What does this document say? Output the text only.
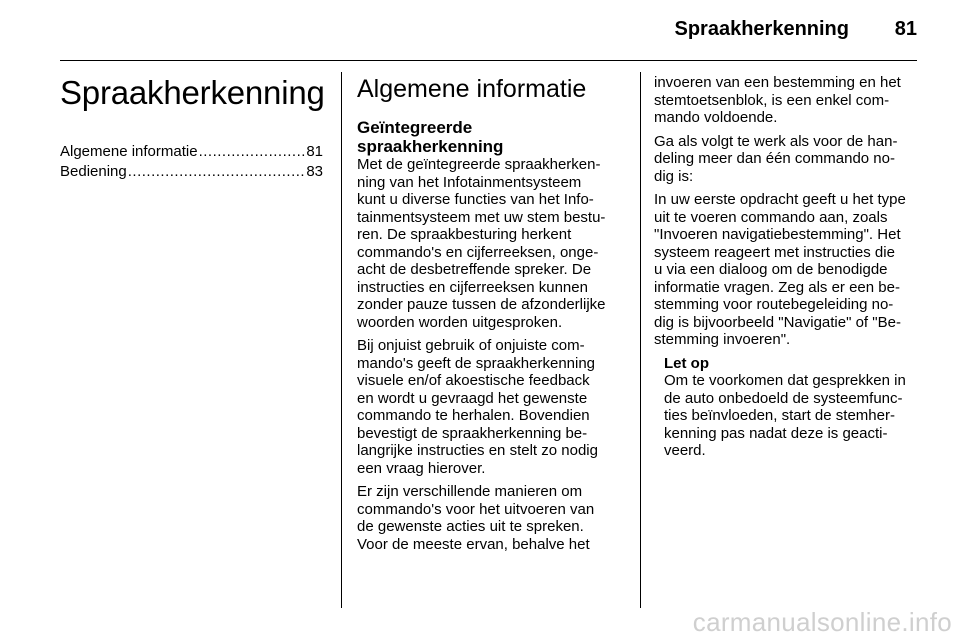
Spraakherkenning 81
Spraakherkenning
Algemene informatie .....	81
Bediening .....	83
Algemene informatie
Geïntegreerde
spraakherkenning

Met de geïntegreerde spraakherken-
ning van het Infotainmentsysteem
kunt u diverse functies van het Info-
tainmentsysteem met uw stem bestu-
ren. De spraakbesturing herkent
commando's en cijferreeksen, onge-
acht de desbetreffende spreker. De
instructies en cijferreeksen kunnen
zonder pauze tussen de afzonderlijke
woorden worden uitgesproken.

Bij onjuist gebruik of onjuiste com-
mando's geeft de spraakherkenning
visuele en/of akoestische feedback
en wordt u gevraagd het gewenste
commando te herhalen. Bovendien
bevestigt de spraakherkenning be-
langrijke instructies en stelt zo nodig
een vraag hierover.

Er zijn verschillende manieren om
commando's voor het uitvoeren van
de gewenste acties uit te spreken.
Voor de meeste ervan, behalve het

invoeren van een bestemming en het
stemtoetsenblok, is een enkel com-
mando voldoende.

Ga als volgt te werk als voor de han-
deling meer dan één commando no-
dig is:

In uw eerste opdracht geeft u het type
uit te voeren commando aan, zoals
"Invoeren navigatiebestemming". Het
systeem reageert met instructies die
u via een dialoog om de benodigde
informatie vragen. Zeg als er een be-
stemming voor routebegeleiding no-
dig is bijvoorbeeld "Navigatie" of "Be-
stemming invoeren".

Let op

Om te voorkomen dat gesprekken in
de auto onbedoeld de systeemfunc-
ties beïnvloeden, start de stemher-
kenning pas nadat deze is geacti-
veerd.

carmanualsonline.info
